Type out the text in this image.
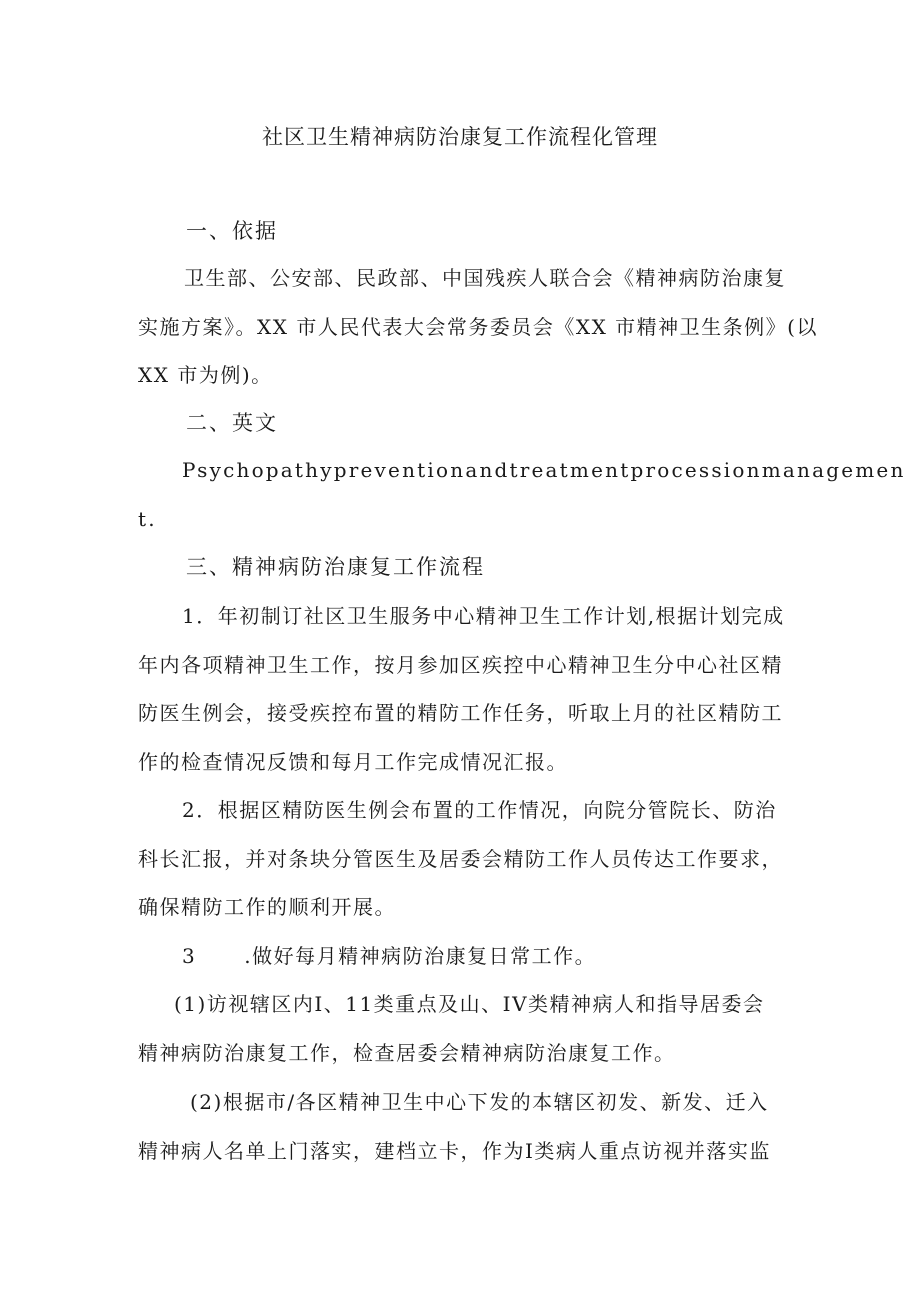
社区卫生精神病防治康复工作流程化管理
一、依据
卫生部、公安部、民政部、中国残疾人联合会《精神病防治康复
实施方案》。XX 市人民代表大会常务委员会《XX 市精神卫生条例》(以
XX 市为例)。
二、英文
Psychopathypreventionandtreatmentprocessionmanagemen
t.
三、精神病防治康复工作流程
1．年初制订社区卫生服务中心精神卫生工作计划,根据计划完成
年内各项精神卫生工作，按月参加区疾控中心精神卫生分中心社区精
防医生例会，接受疾控布置的精防工作任务，听取上月的社区精防工
作的检查情况反馈和每月工作完成情况汇报。
2．根据区精防医生例会布置的工作情况，向院分管院长、防治
科长汇报，并对条块分管医生及居委会精防工作人员传达工作要求，
确保精防工作的顺利开展。
3 .做好每月精神病防治康复日常工作。
(1)访视辖区内I、11类重点及山、IV类精神病人和指导居委会
精神病防治康复工作，检查居委会精神病防治康复工作。
(2)根据市/各区精神卫生中心下发的本辖区初发、新发、迁入
精神病人名单上门落实，建档立卡，作为I类病人重点访视并落实监
